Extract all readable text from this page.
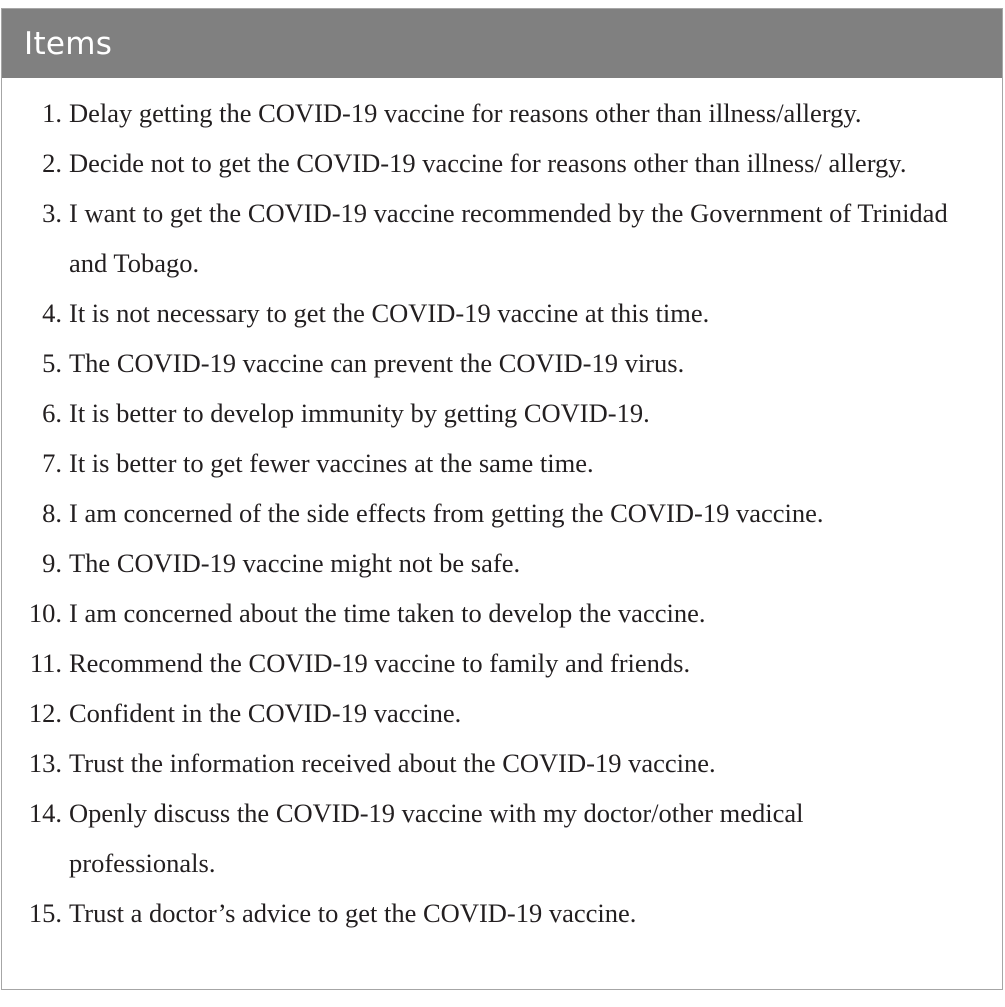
Items
1. Delay getting the COVID-19 vaccine for reasons other than illness/allergy.
2. Decide not to get the COVID-19 vaccine for reasons other than illness/ allergy.
3. I want to get the COVID-19 vaccine recommended by the Government of Trinidad and Tobago.
4. It is not necessary to get the COVID-19 vaccine at this time.
5. The COVID-19 vaccine can prevent the COVID-19 virus.
6. It is better to develop immunity by getting COVID-19.
7. It is better to get fewer vaccines at the same time.
8. I am concerned of the side effects from getting the COVID-19 vaccine.
9. The COVID-19 vaccine might not be safe.
10. I am concerned about the time taken to develop the vaccine.
11. Recommend the COVID-19 vaccine to family and friends.
12. Confident in the COVID-19 vaccine.
13. Trust the information received about the COVID-19 vaccine.
14. Openly discuss the COVID-19 vaccine with my doctor/other medical professionals.
15. Trust a doctor’s advice to get the COVID-19 vaccine.
